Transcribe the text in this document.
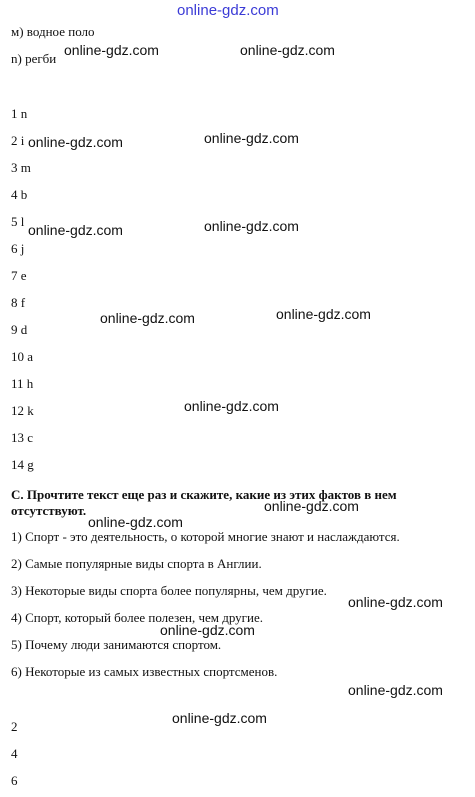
online-gdz.com
м) водное поло
n) регби
1 n
2 i
3 m
4 b
5 l
6 j
7 e
8 f
9 d
10 a
11 h
12 k
13 c
14 g
C. Прочтите текст еще раз и скажите, какие из этих фактов в нем отсутствуют.
1) Спорт - это деятельность, о которой многие знают и наслаждаются.
2) Самые популярные виды спорта в Англии.
3) Некоторые виды спорта более популярны, чем другие.
4) Спорт, который более полезен, чем другие.
5) Почему люди занимаются спортом.
6) Некоторые из самых известных спортсменов.
2
4
6
online-gdz.com	online-gdz.com
online-gdz.com	online-gdz.com
online-gdz.com	online-gdz.com
online-gdz.com	online-gdz.com
online-gdz.com
online-gdz.com
online-gdz.com
online-gdz.com
online-gdz.com
online-gdz.com
online-gdz.com
